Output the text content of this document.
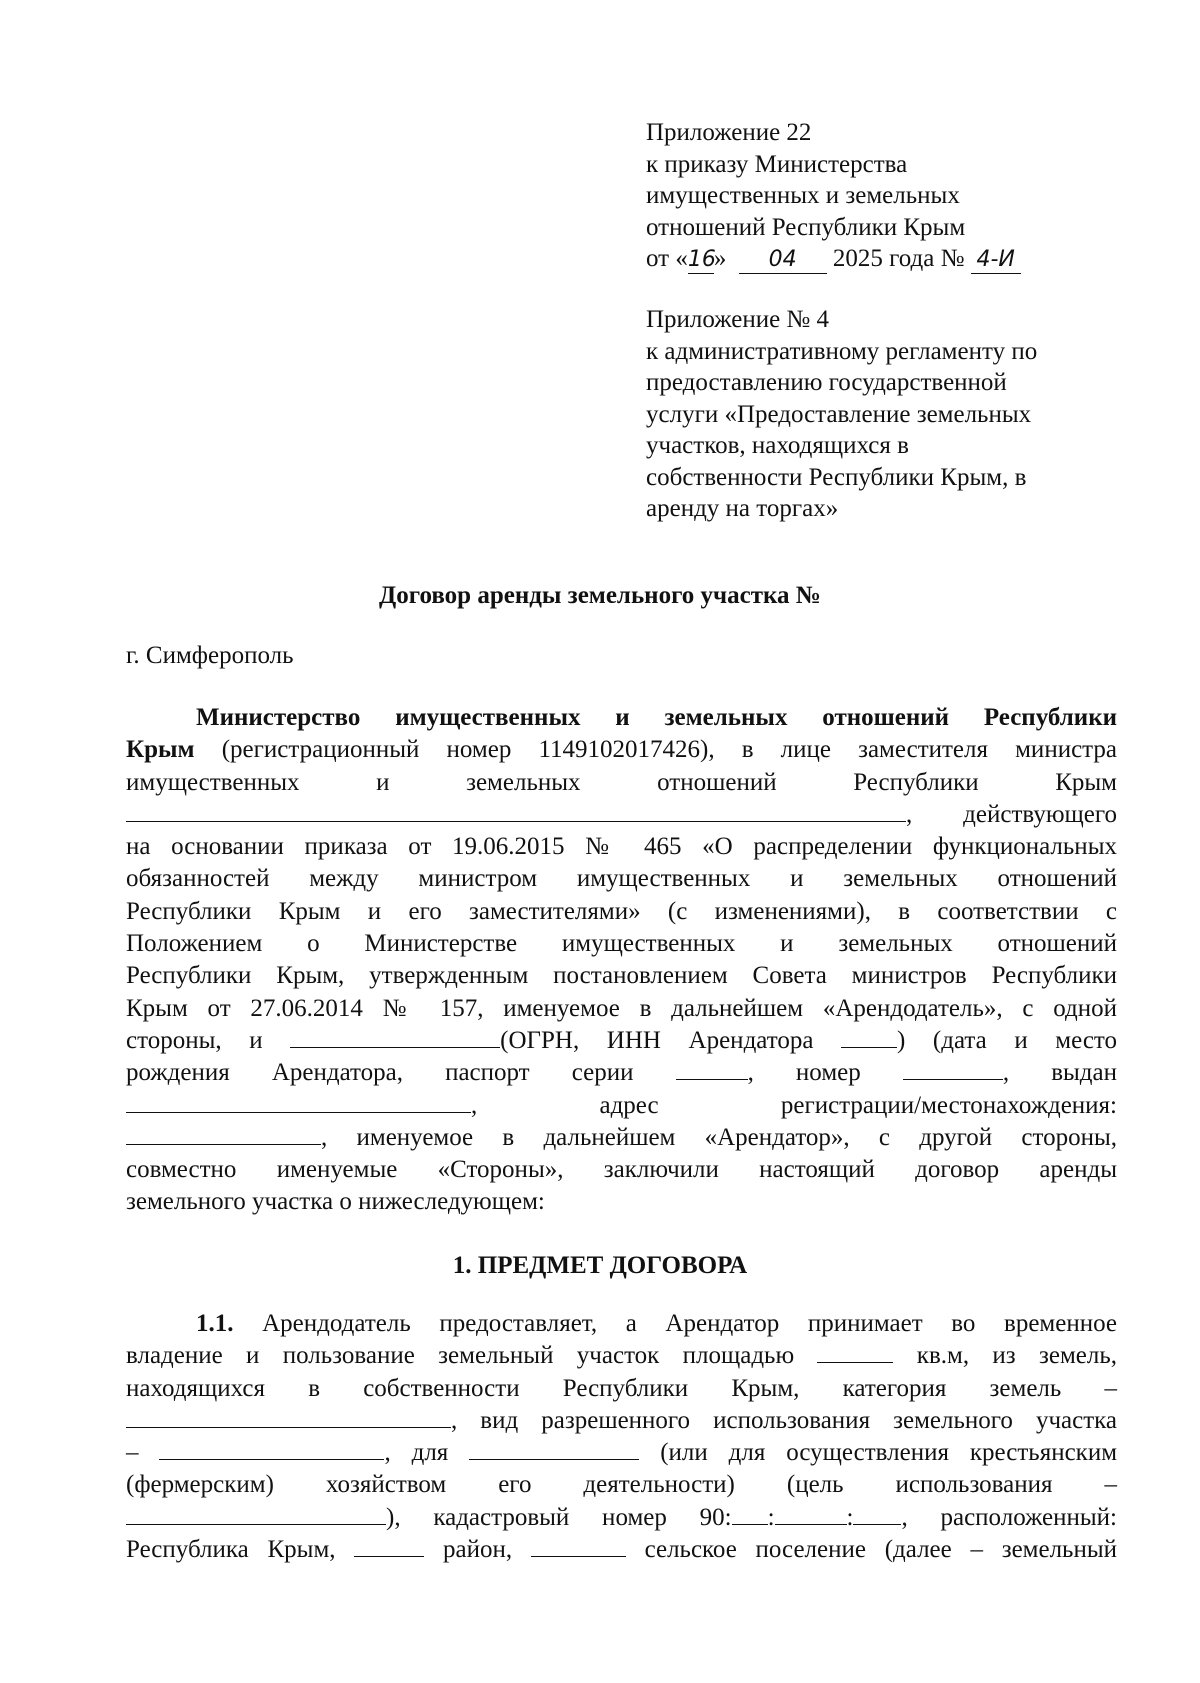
Приложение 22
к приказу Министерства
имущественных и земельных
отношений Республики Крым
от «16» 04 2025 года № 4-И
Приложение № 4
к административному регламенту по
предоставлению государственной
услуги «Предоставление земельных
участков, находящихся в
собственности Республики Крым, в
аренду на торгах»
Договор аренды земельного участка №
г. Симферополь
Министерство имущественных и земельных отношений Республики
Крым (регистрационный номер 1149102017426), в лице заместителя министра
имущественных и земельных отношений Республики Крым
, действующего
на основании приказа от 19.06.2015 № 465 «О распределении функциональных
обязанностей между министром имущественных и земельных отношений
Республики Крым и его заместителями» (с изменениями), в соответствии с
Положением о Министерстве имущественных и земельных отношений
Республики Крым, утвержденным постановлением Совета министров Республики
Крым от 27.06.2014 № 157, именуемое в дальнейшем «Арендодатель», с одной
стороны, и	(ОГРН, ИНН Арендатора	) (дата и место
рождения Арендатора, паспорт серии	, номер	, выдан
,	адрес регистрации/местонахождения:
, именуемое в дальнейшем «Арендатор», с другой стороны,
совместно именуемые «Стороны», заключили настоящий договор аренды
земельного участка о нижеследующем:
1. ПРЕДМЕТ ДОГОВОРА
1.1. Арендодатель предоставляет, а Арендатор принимает во временное
владение и пользование земельный участок площадью	кв.м, из земель,
находящихся в собственности Республики Крым, категория земель –
, вид разрешенного использования земельного участка
–	, для	(или для осуществления крестьянским
(фермерским) хозяйством его деятельности) (цель использования –
), кадастровый номер 90: :	: , расположенный:
Республика Крым,	район,	сельское поселение (далее – земельный
